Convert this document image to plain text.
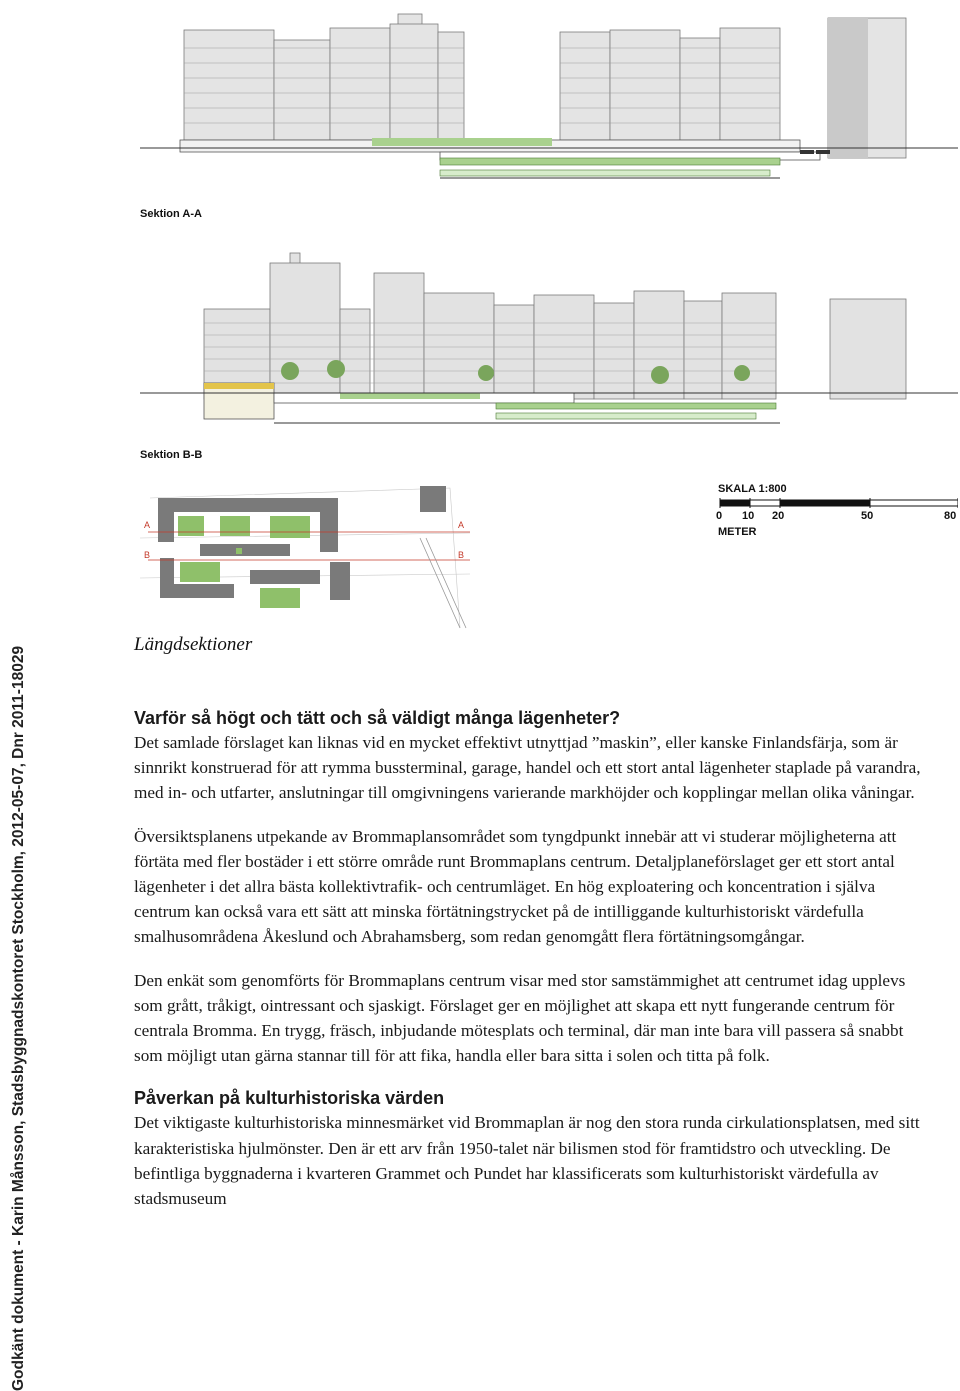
Godkänt dokument - Karin Månsson, Stadsbyggnadskontoret Stockholm, 2012-05-07, Dnr 2011-18029
Sektion A-A
Sektion B-B
A	A
B	B
SKALA 1:800
0 10 20	50	80
METER
Längdsektioner
Varför så högt och tätt och så väldigt många lägenheter?

Det samlade förslaget kan liknas vid en mycket effektivt utnyttjad ”maskin”, eller kanske Finlandsfärja, som är sinnrikt konstruerad för att rymma bussterminal, garage, handel och ett stort antal lägenheter staplade på varandra, med in- och utfarter, anslutningar till omgivningens varierande markhöjder och kopplingar mellan olika våningar.

Översiktsplanens utpekande av Brommaplansområdet som tyngdpunkt innebär att vi studerar möjligheterna att förtäta med fler bostäder i ett större område runt Brommaplans centrum. Detaljplaneförslaget ger ett stort antal lägenheter i det allra bästa kollektivtrafik- och centrumläget. En hög exploatering och koncentration i själva centrum kan också vara ett sätt att minska förtätningstrycket på de intilliggande kulturhistoriskt värdefulla smalhusområdena Åkeslund och Abrahamsberg, som redan genomgått flera förtätningsomgångar.

Den enkät som genomförts för Brommaplans centrum visar med stor samstämmighet att centrumet idag upplevs som grått, tråkigt, ointressant och sjaskigt. Förslaget ger en möjlighet att skapa ett nytt fungerande centrum för centrala Bromma. En trygg, fräsch, inbjudande mötesplats och terminal, där man inte bara vill passera så snabbt som möjligt utan gärna stannar till för att fika, handla eller bara sitta i solen och titta på folk.

Påverkan på kulturhistoriska värden

Det viktigaste kulturhistoriska minnesmärket vid Brommaplan är nog den stora runda cirkulationsplatsen, med sitt karakteristiska hjulmönster. Den är ett arv från 1950-talet när bilismen stod för framtidstro och utveckling. De befintliga byggnaderna i kvarteren Grammet och Pundet har klassificerats som kulturhistoriskt värdefulla av stadsmuseum
